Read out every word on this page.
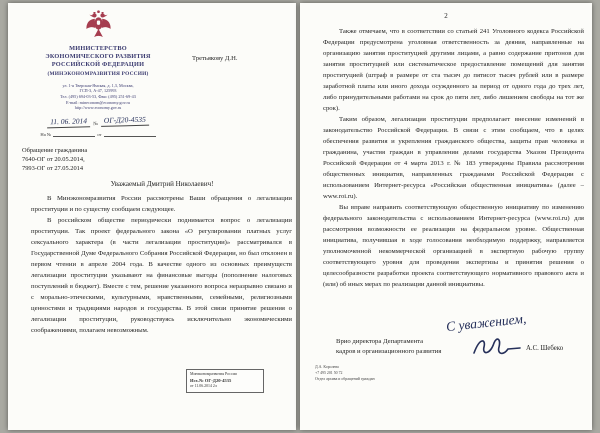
МИНИСТЕРСТВО
ЭКОНОМИЧЕСКОГО РАЗВИТИЯ
РОССИЙСКОЙ ФЕДЕРАЦИИ
(МИНЭКОНОМРАЗВИТИЯ РОССИИ)
ул. 1-я Тверская-Ямская, д. 1,3, Москва,
ГСП-3, А-47, 125993
Тел. (495) 694-03-53, Факс (495) 251-69-43
E-mail: mineconom@economy.gov.ru
http://www.economy.gov.ru
11. 06. 2014	№ ОГ-Д20-4535
На №	от
Обращение гражданина
7640-ОГ от 20.05.2014,
7993-ОГ от 27.05.2014
Третьякову Д.Н.
Уважаемый Дмитрий Николаевич!

В Минэкономразвития России рассмотрены Ваши обращения о легализации проституции и по существу сообщаем следующее.

В российском обществе периодически поднимается вопрос о легализации проституции. Так проект федерального закона «О регулировании платных услуг сексуального характера (в части легализации проституции)» рассматривался в Государственной Думе Федерального Собрания Российской Федерации, но был отклонен в первом чтении в апреле 2004 года. В качестве одного из основных преимуществ легализации проституции указывают на финансовые выгоды (пополнение налоговых поступлений в бюджет). Вместе с тем, решение указанного вопроса неразрывно связано и с морально-этическими, культурными, нравственными, семейными, религиозными ценностями и традициями народов и государства. В этой связи принятие решения о легализации проституции, руководствуясь исключительно экономическими соображениями, полагаем невозможным.

Минэкономразвития России
Исх.№ ОГ-Д20-4535
от 11.06.2014 2л
2

Также отмечаем, что в соответствии со статьей 241 Уголовного кодекса Российской Федерации предусмотрена уголовная ответственность за деяния, направленные на организацию занятия проституцией другими лицами, а равно содержание притонов для занятия проституцией или систематическое предоставление помещений для занятия проституцией (штраф в размере от ста тысяч до пятисот тысяч рублей или в размере заработной платы или иного дохода осужденного за период от одного года до трех лет, либо принудительными работами на срок до пяти лет, либо лишением свободы на тот же срок).

Таким образом, легализация проституции предполагает внесение изменений в законодательство Российской Федерации. В связи с этим сообщаем, что в целях обеспечения развития и укрепления гражданского общества, защиты прав человека и гражданина, участия граждан в управлении делами государства Указом Президента Российской Федерации от 4 марта 2013 г. № 183 утверждены Правила рассмотрения общественных инициатив, направленных гражданами Российской Федерации с использованием Интернет-ресурса «Российская общественная инициатива» (далее – www.roi.ru).

Вы вправе направить соответствующую общественную инициативу по изменению федерального законодательства с использованием Интернет-ресурса (www.roi.ru) для рассмотрения возможности ее реализации на федеральном уровне. Общественная инициатива, получившая в ходе голосования необходимую поддержку, направляется уполномоченной некоммерческой организацией в экспертную рабочую группу соответствующего уровня для проведения экспертизы и принятия решения о целесообразности разработки проекта соответствующего нормативного правового акта и (или) об иных мерах по реализации данной инициативы.

Врио директора Департамента
кадров и организационного развития
С уважением,
А.С. Шебеко
Д.А. Королева
+7 495 201 50 72
Отдел архива и обращений граждан
